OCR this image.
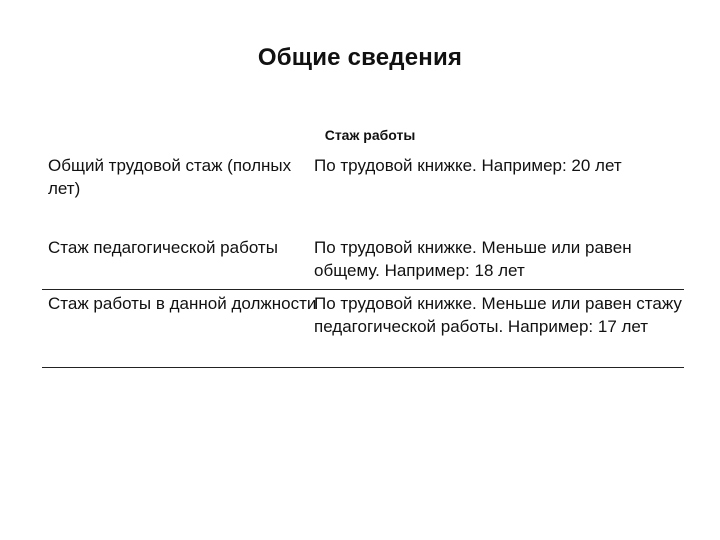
Общие сведения
Стаж работы
Общий трудовой стаж (полных лет)
По трудовой книжке. Например: 20 лет
Стаж педагогической работы	По трудовой книжке. Меньше или равен общему. Например: 18 лет
Стаж работы в данной должности
По трудовой книжке. Меньше или равен стажу педагогической работы. Например: 17 лет
